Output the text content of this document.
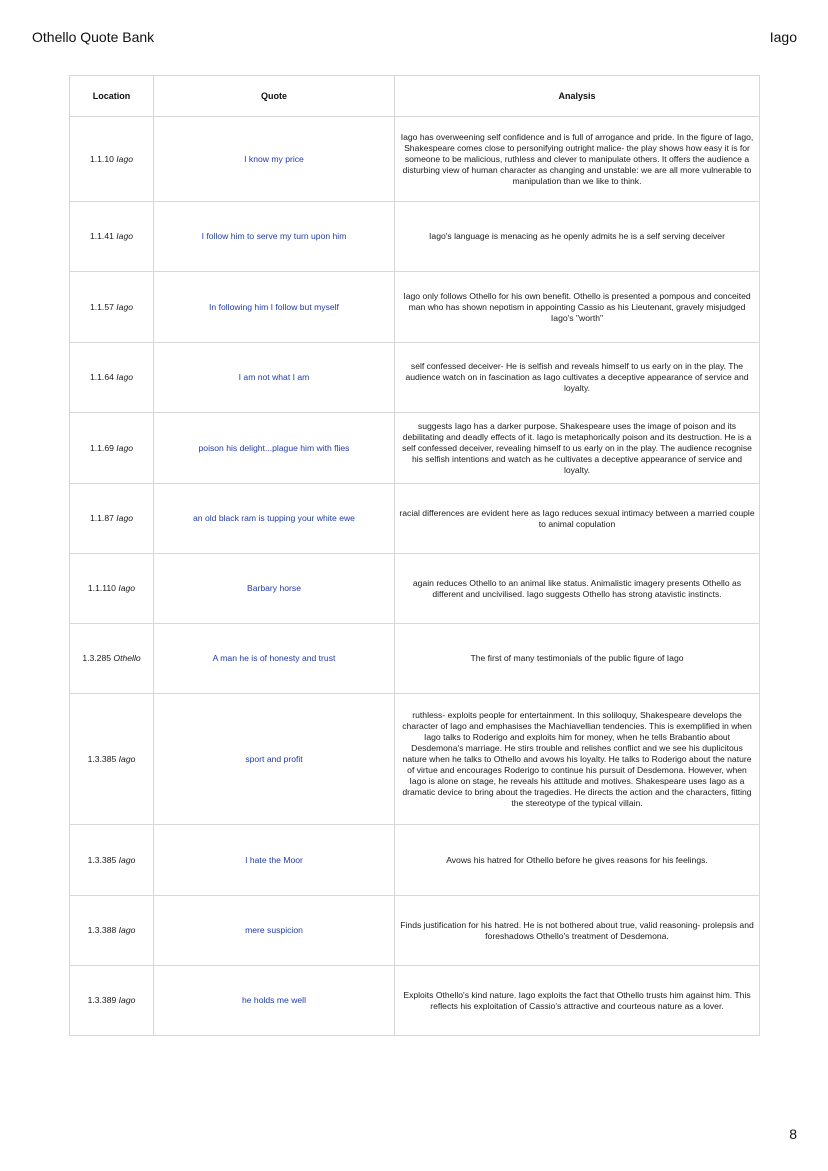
Othello Quote Bank	Iago
Location	Quote	Analysis
1.1.10 Iago	I know my price	Iago has overweening self confidence and is full of arrogance and pride. In the figure of Iago, Shakespeare comes close to personifying outright malice- the play shows how easy it is for someone to be malicious, ruthless and clever to manipulate others. It offers the audience a disturbing view of human character as changing and unstable: we are all more vulnerable to manipulation than we like to think.
1.1.41 Iago	I follow him to serve my turn upon him	Iago's language is menacing as he openly admits he is a self serving deceiver
1.1.57 Iago	In following him I follow but myself	Iago only follows Othello for his own benefit. Othello is presented a pompous and conceited man who has shown nepotism in appointing Cassio as his Lieutenant, gravely misjudged Iago's "worth"
1.1.64 Iago	I am not what I am	self confessed deceiver- He is selfish and reveals himself to us early on in the play. The audience watch on in fascination as Iago cultivates a deceptive appearance of service and loyalty.
1.1.69 Iago	poison his delight...plague him with flies	suggests Iago has a darker purpose. Shakespeare uses the image of poison and its debilitating and deadly effects of it. Iago is metaphorically poison and its destruction. He is a self confessed deceiver, revealing himself to us early on in the play. The audience recognise his selfish intentions and watch as he cultivates a deceptive appearance of service and loyalty.
1.1.87 Iago	an old black ram is tupping your white ewe	racial differences are evident here as Iago reduces sexual intimacy between a married couple to animal copulation
1.1.110 Iago	Barbary horse	again reduces Othello to an animal like status. Animalistic imagery presents Othello as different and uncivilised. Iago suggests Othello has strong atavistic instincts.
1.3.285 Othello	A man he is of honesty and trust	The first of many testimonials of the public figure of Iago
1.3.385 Iago	sport and profit	ruthless- exploits people for entertainment. In this soliloquy, Shakespeare develops the character of Iago and emphasises the Machiavellian tendencies. This is exemplified in when Iago talks to Roderigo and exploits him for money, when he tells Brabantio about Desdemona's marriage. He stirs trouble and relishes conflict and we see his duplicitous nature when he talks to Othello and avows his loyalty. He talks to Roderigo about the nature of virtue and encourages Roderigo to continue his pursuit of Desdemona. However, when Iago is alone on stage, he reveals his attitude and motives. Shakespeare uses Iago as a dramatic device to bring about the tragedies. He directs the action and the characters, fitting the stereotype of the typical villain.
1.3.385 Iago	I hate the Moor	Avows his hatred for Othello before he gives reasons for his feelings.
1.3.388 Iago	mere suspicion	Finds justification for his hatred. He is not bothered about true, valid reasoning- prolepsis and foreshadows Othello's treatment of Desdemona.
1.3.389 Iago	he holds me well	Exploits Othello's kind nature. Iago exploits the fact that Othello trusts him against him. This reflects his exploitation of Cassio's attractive and courteous nature as a lover.
8
